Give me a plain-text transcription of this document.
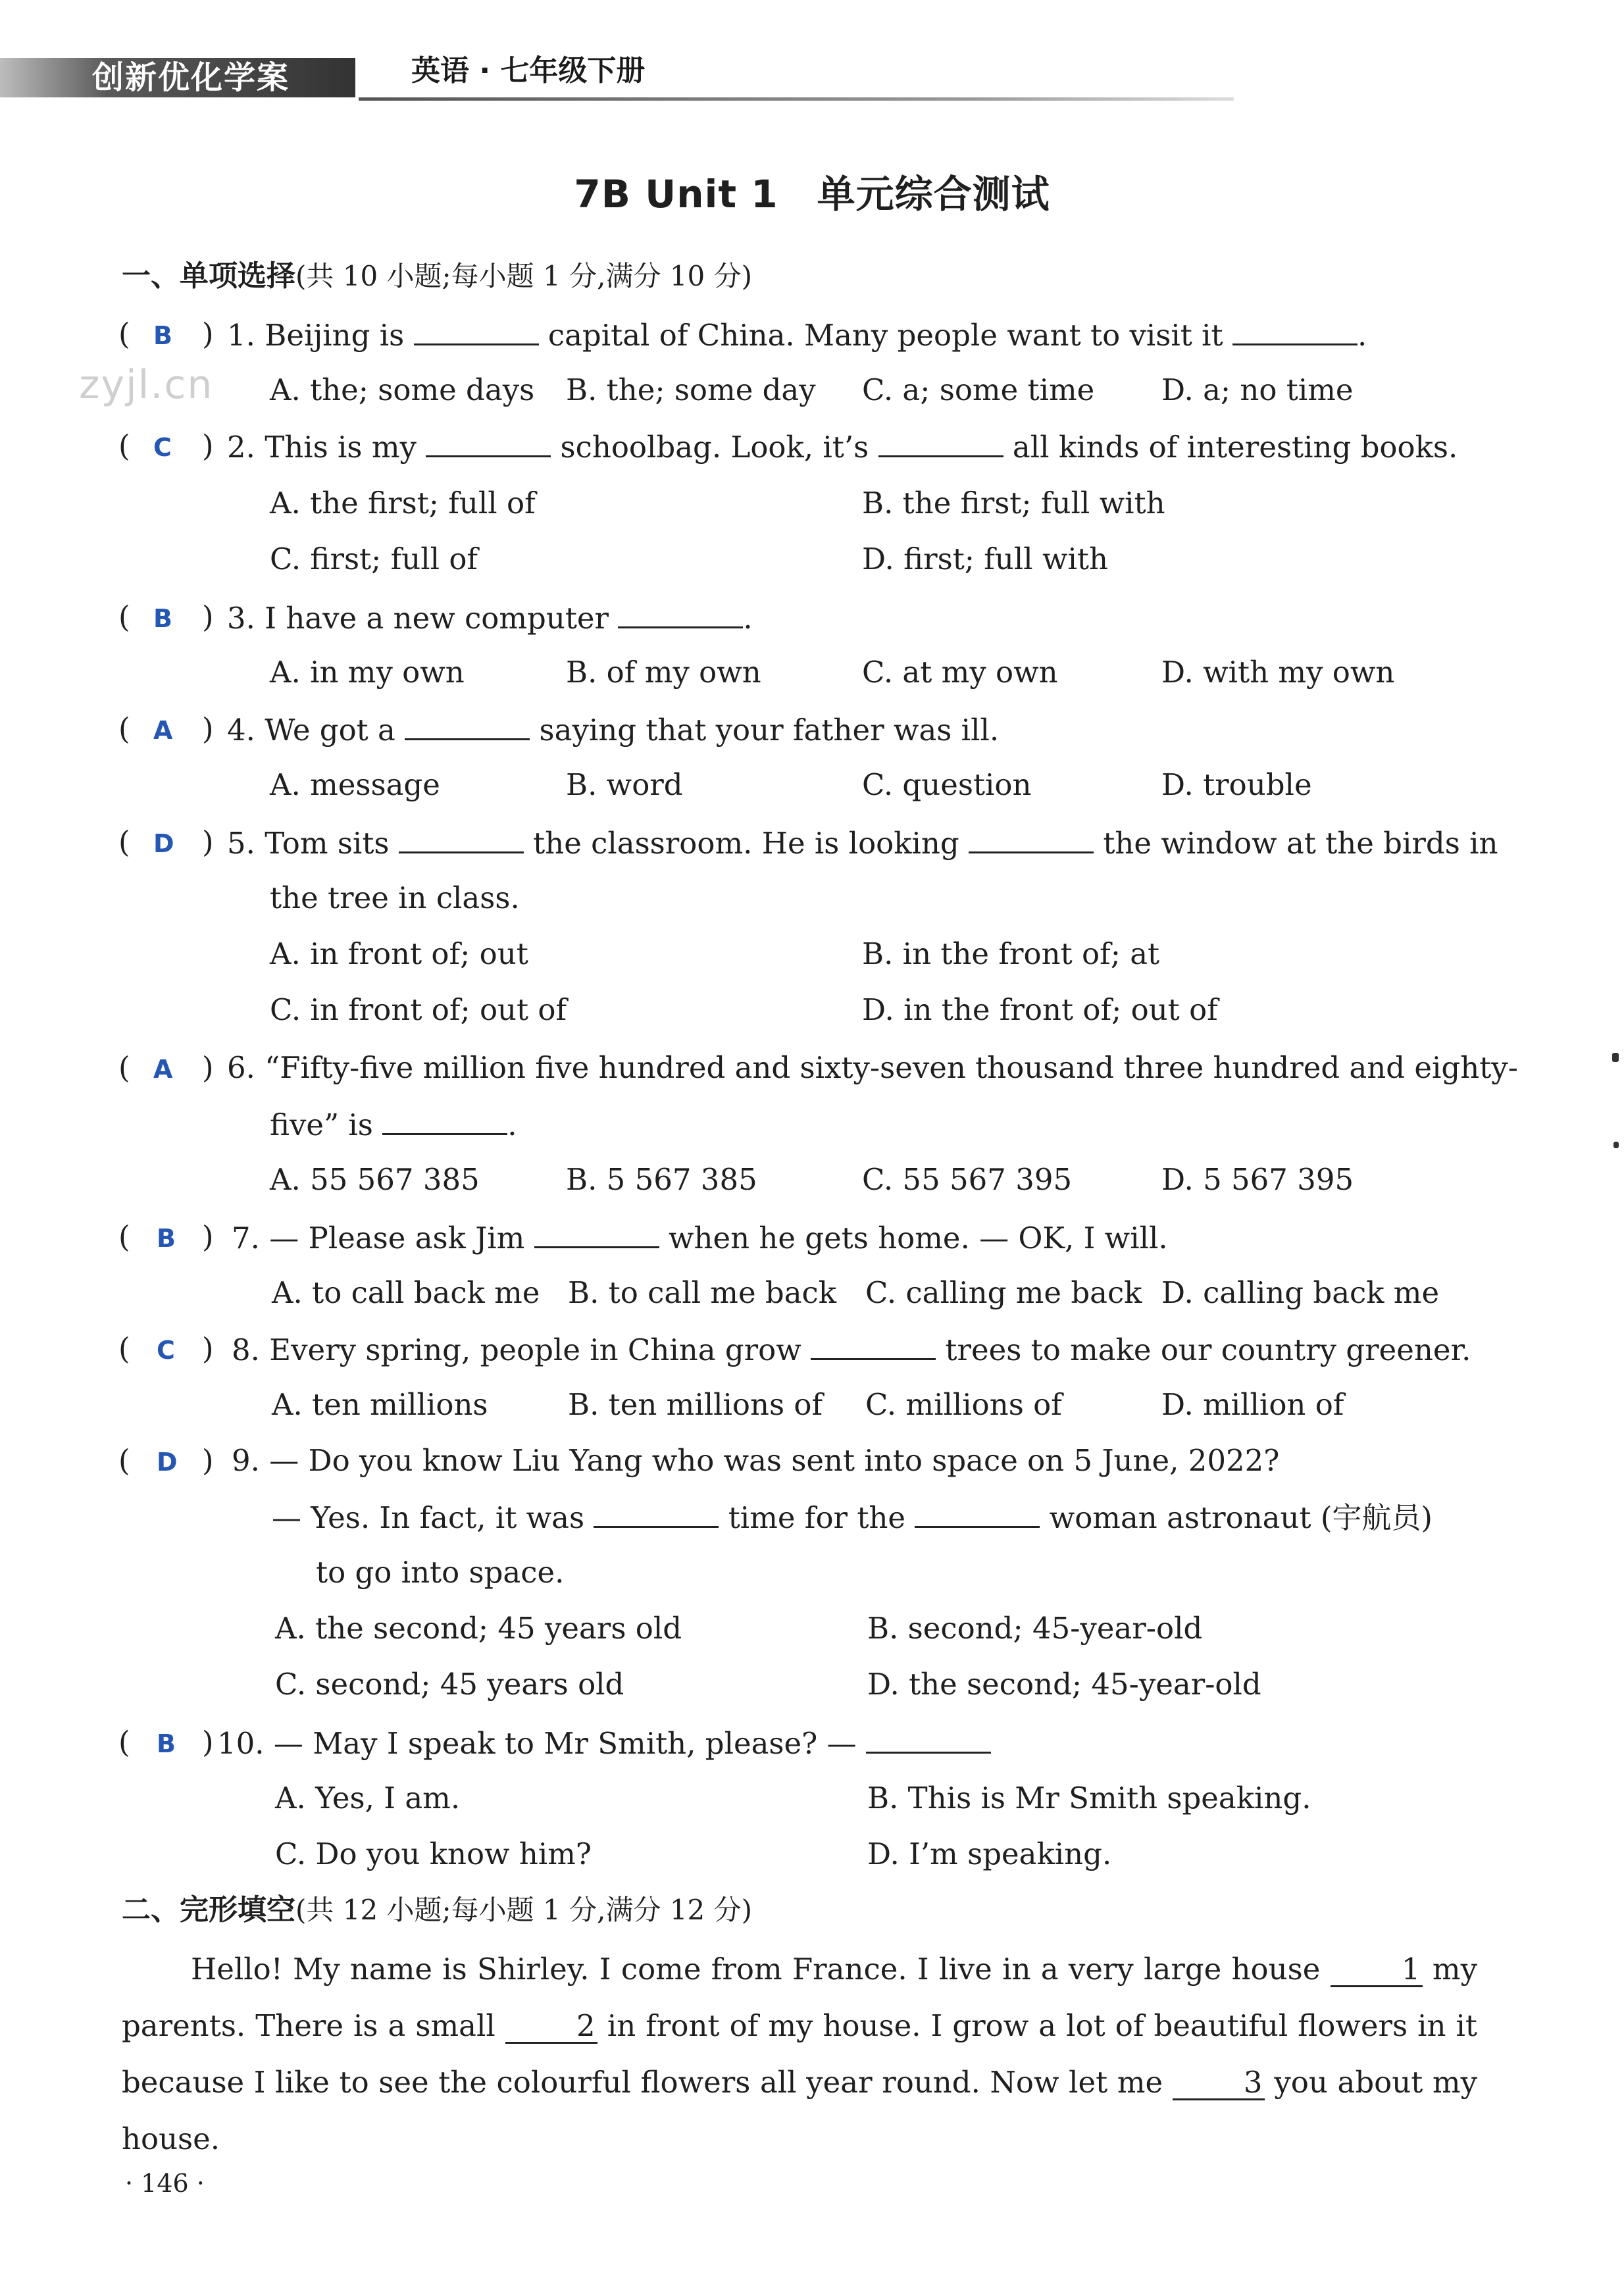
创新优化学案	英语 · 七年级下册
7B Unit 1　单元综合测试
zyjl.cn
一、单项选择(共 10 小题;每小题 1 分,满分 10 分)
( B ) 1. Beijing is	capital of China. Many people want to visit it	.
A. the; some days B. the; some day C. a; some time D. a; no time
( C ) 2. This is my	schoolbag. Look, it’s	all kinds of interesting books.
A. the first; full of	B. the first; full with
C. first; full of	D. first; full with
( B ) 3. I have a new computer	.
A. in my own	B. of my own	C. at my own	D. with my own
( A ) 4. We got a	saying that your father was ill.
A. message	B. word	C. question	D. trouble
( D ) 5. Tom sits	the classroom. He is looking	the window at the birds in
the tree in class.
A. in front of; out	B. in the front of; at
C. in front of; out of	D. in the front of; out of
( A ) 6. “Fifty-five million five hundred and sixty-seven thousand three hundred and eighty-
five” is	.
A. 55 567 385	B. 5 567 385	C. 55 567 395	D. 5 567 395
( B ) 7. — Please ask Jim	when he gets home. — OK, I will.
A. to call back me B. to call me back C. calling me back D. calling back me
( C ) 8. Every spring, people in China grow	trees to make our country greener.
A. ten millions	B. ten millions of C. millions of	D. million of
( D ) 9. — Do you know Liu Yang who was sent into space on 5 June, 2022?
— Yes. In fact, it was	time for the	woman astronaut (宇航员)
to go into space.
A. the second; 45 years old	B. second; 45-year-old
C. second; 45 years old	D. the second; 45-year-old
( B ) 10. — May I speak to Mr Smith, please? —
A. Yes, I am.	B. This is Mr Smith speaking.
C. Do you know him?	D. I’m speaking.
二、完形填空(共 12 小题;每小题 1 分,满分 12 分)
Hello! My name is Shirley. I come from France. I live in a very large house	1 my parents. There is a small	2 in front of my house. I grow a lot of beautiful flowers in it because I like to see the colourful flowers all year round. Now let me	3 you about my house.
· 146 ·
